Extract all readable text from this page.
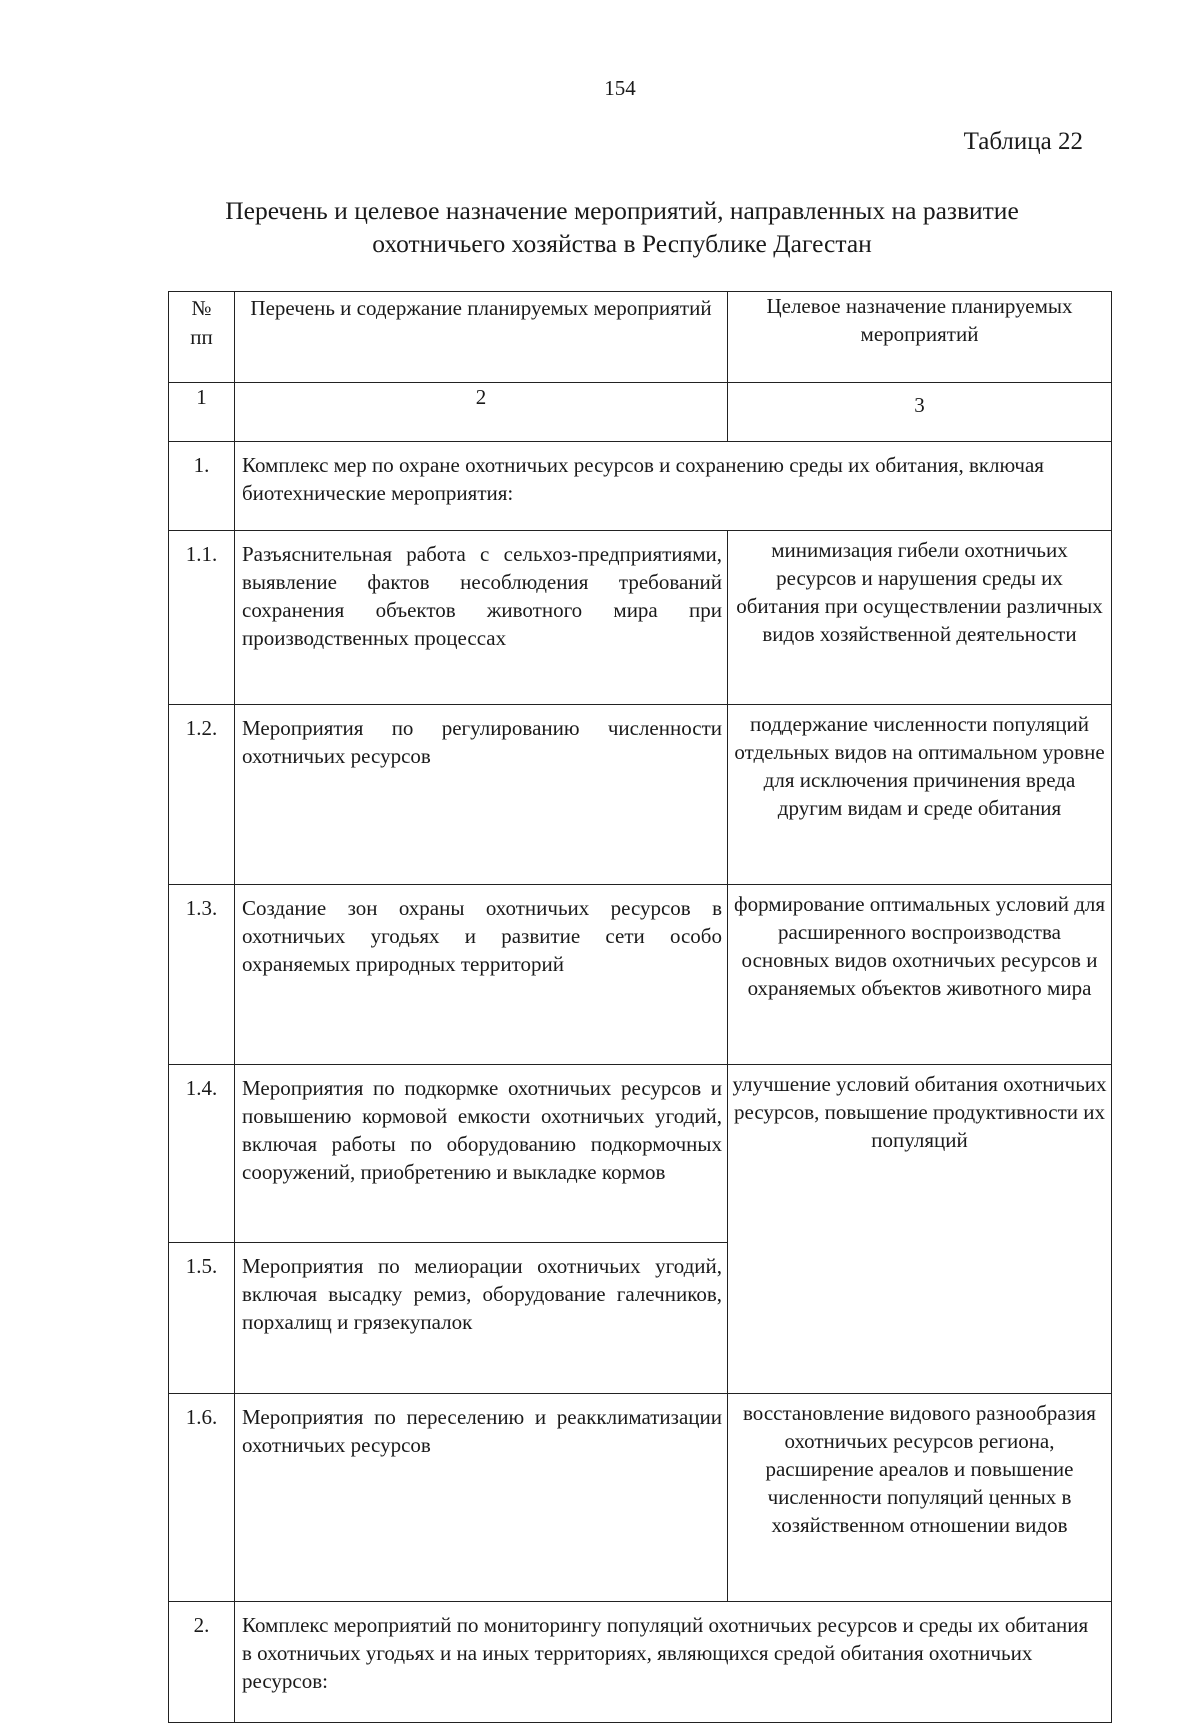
154
Таблица 22
Перечень и целевое назначение мероприятий, направленных на развитие
охотничьего хозяйства в Республике Дагестан
№
пп	Перечень и содержание планируемых мероприятий	Целевое назначение планируемых мероприятий
1	2	3
1.	Комплекс мер по охране охотничьих ресурсов и сохранению среды их обитания, включая биотехнические мероприятия:	
1.1.	Разъяснительная работа с сельхоз-предприятиями, выявление фактов несоблюдения требований сохранения объектов животного мира при производственных процессах	минимизация гибели охотничьих ресурсов и нарушения среды их обитания при осуществлении различных видов хозяйственной деятельности
1.2.	Мероприятия по регулированию численности охотничьих ресурсов	поддержание численности популяций отдельных видов на оптимальном уровне для исключения причинения вреда другим видам и среде обитания
1.3.	Создание зон охраны охотничьих ресурсов в охотничьих угодьях и развитие сети особо охраняемых природных территорий	формирование оптимальных условий для расширенного воспроизводства основных видов охотничьих ресурсов и охраняемых объектов животного мира
1.4.	Мероприятия по подкормке охотничьих ресурсов и повышению кормовой емкости охотничьих угодий, включая работы по оборудованию подкормочных сооружений, приобретению и выкладке кормов	улучшение условий обитания охотничьих ресурсов, повышение продуктивности их популяций
1.5.	Мероприятия по мелиорации охотничьих угодий, включая высадку ремиз, оборудование галечников, порхалищ и грязекупалок	
1.6.	Мероприятия по переселению и реакклиматизации охотничьих ресурсов	восстановление видового разнообразия охотничьих ресурсов региона, расширение ареалов и повышение численности популяций ценных в хозяйственном отношении видов
2.	Комплекс мероприятий по мониторингу популяций охотничьих ресурсов и среды их обитания в охотничьих угодьях и на иных территориях, являющихся средой обитания охотничьих ресурсов:	
